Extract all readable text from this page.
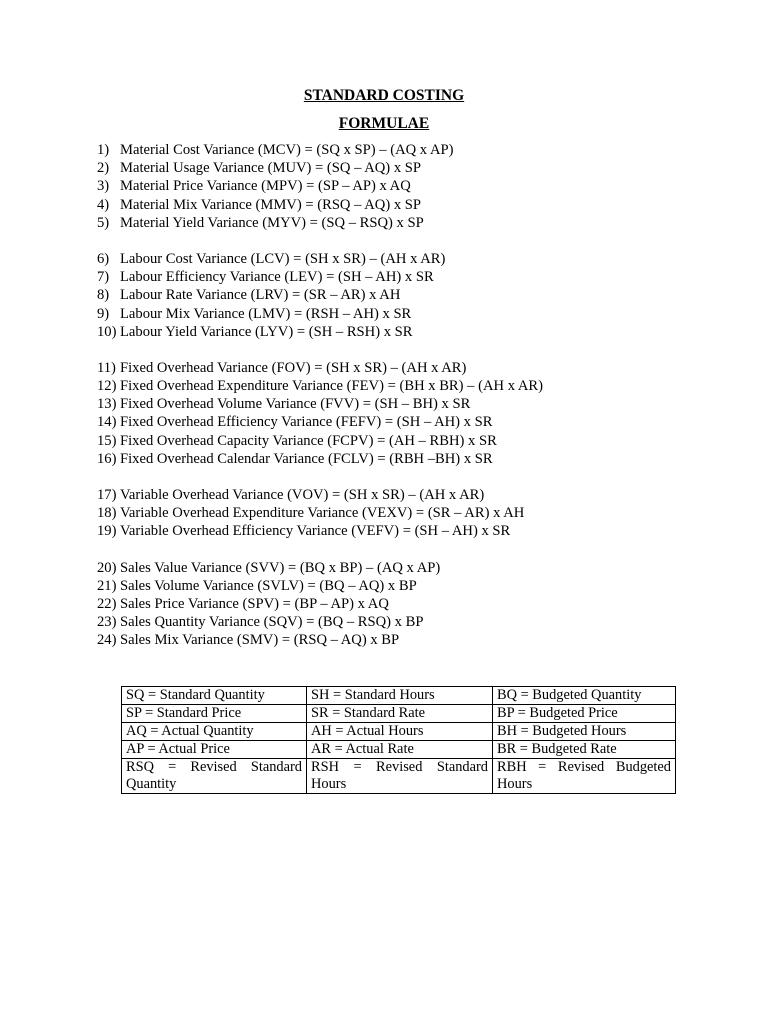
STANDARD COSTING
FORMULAE
1) Material Cost Variance (MCV) = (SQ x SP) – (AQ x AP)
2) Material Usage Variance (MUV) = (SQ – AQ) x SP
3) Material Price Variance (MPV) = (SP – AP) x AQ
4) Material Mix Variance (MMV) = (RSQ – AQ) x SP
5) Material Yield Variance (MYV) = (SQ – RSQ) x SP
6) Labour Cost Variance (LCV) = (SH x SR) – (AH x AR)
7) Labour Efficiency Variance (LEV) = (SH – AH) x SR
8) Labour Rate Variance (LRV) = (SR – AR) x AH
9) Labour Mix Variance (LMV) = (RSH – AH) x SR
10) Labour Yield Variance (LYV) = (SH – RSH) x SR
11) Fixed Overhead Variance (FOV) = (SH x SR) – (AH x AR)
12) Fixed Overhead Expenditure Variance (FEV) = (BH x BR) – (AH x AR)
13) Fixed Overhead Volume Variance (FVV) = (SH – BH) x SR
14) Fixed Overhead Efficiency Variance (FEFV) = (SH – AH) x SR
15) Fixed Overhead Capacity Variance (FCPV) = (AH – RBH) x SR
16) Fixed Overhead Calendar Variance (FCLV) = (RBH –BH) x SR
17) Variable Overhead Variance (VOV) = (SH x SR) – (AH x AR)
18) Variable Overhead Expenditure Variance (VEXV) = (SR – AR) x AH
19) Variable Overhead Efficiency Variance (VEFV) = (SH – AH) x SR
20) Sales Value Variance (SVV) = (BQ x BP) – (AQ x AP)
21) Sales Volume Variance (SVLV) = (BQ – AQ) x BP
22) Sales Price Variance (SPV) = (BP – AP) x AQ
23) Sales Quantity Variance (SQV) = (BQ – RSQ) x BP
24) Sales Mix Variance (SMV) = (RSQ – AQ) x BP
SQ = Standard Quantity	SH = Standard Hours	BQ = Budgeted Quantity
SP = Standard Price	SR = Standard Rate	BP = Budgeted Price
AQ = Actual Quantity	AH = Actual Hours	BH = Budgeted Hours
AP = Actual Price	AR = Actual Rate	BR = Budgeted Rate
RSQ = Revised Standard Quantity	RSH = Revised Standard Hours	RBH = Revised Budgeted Hours
